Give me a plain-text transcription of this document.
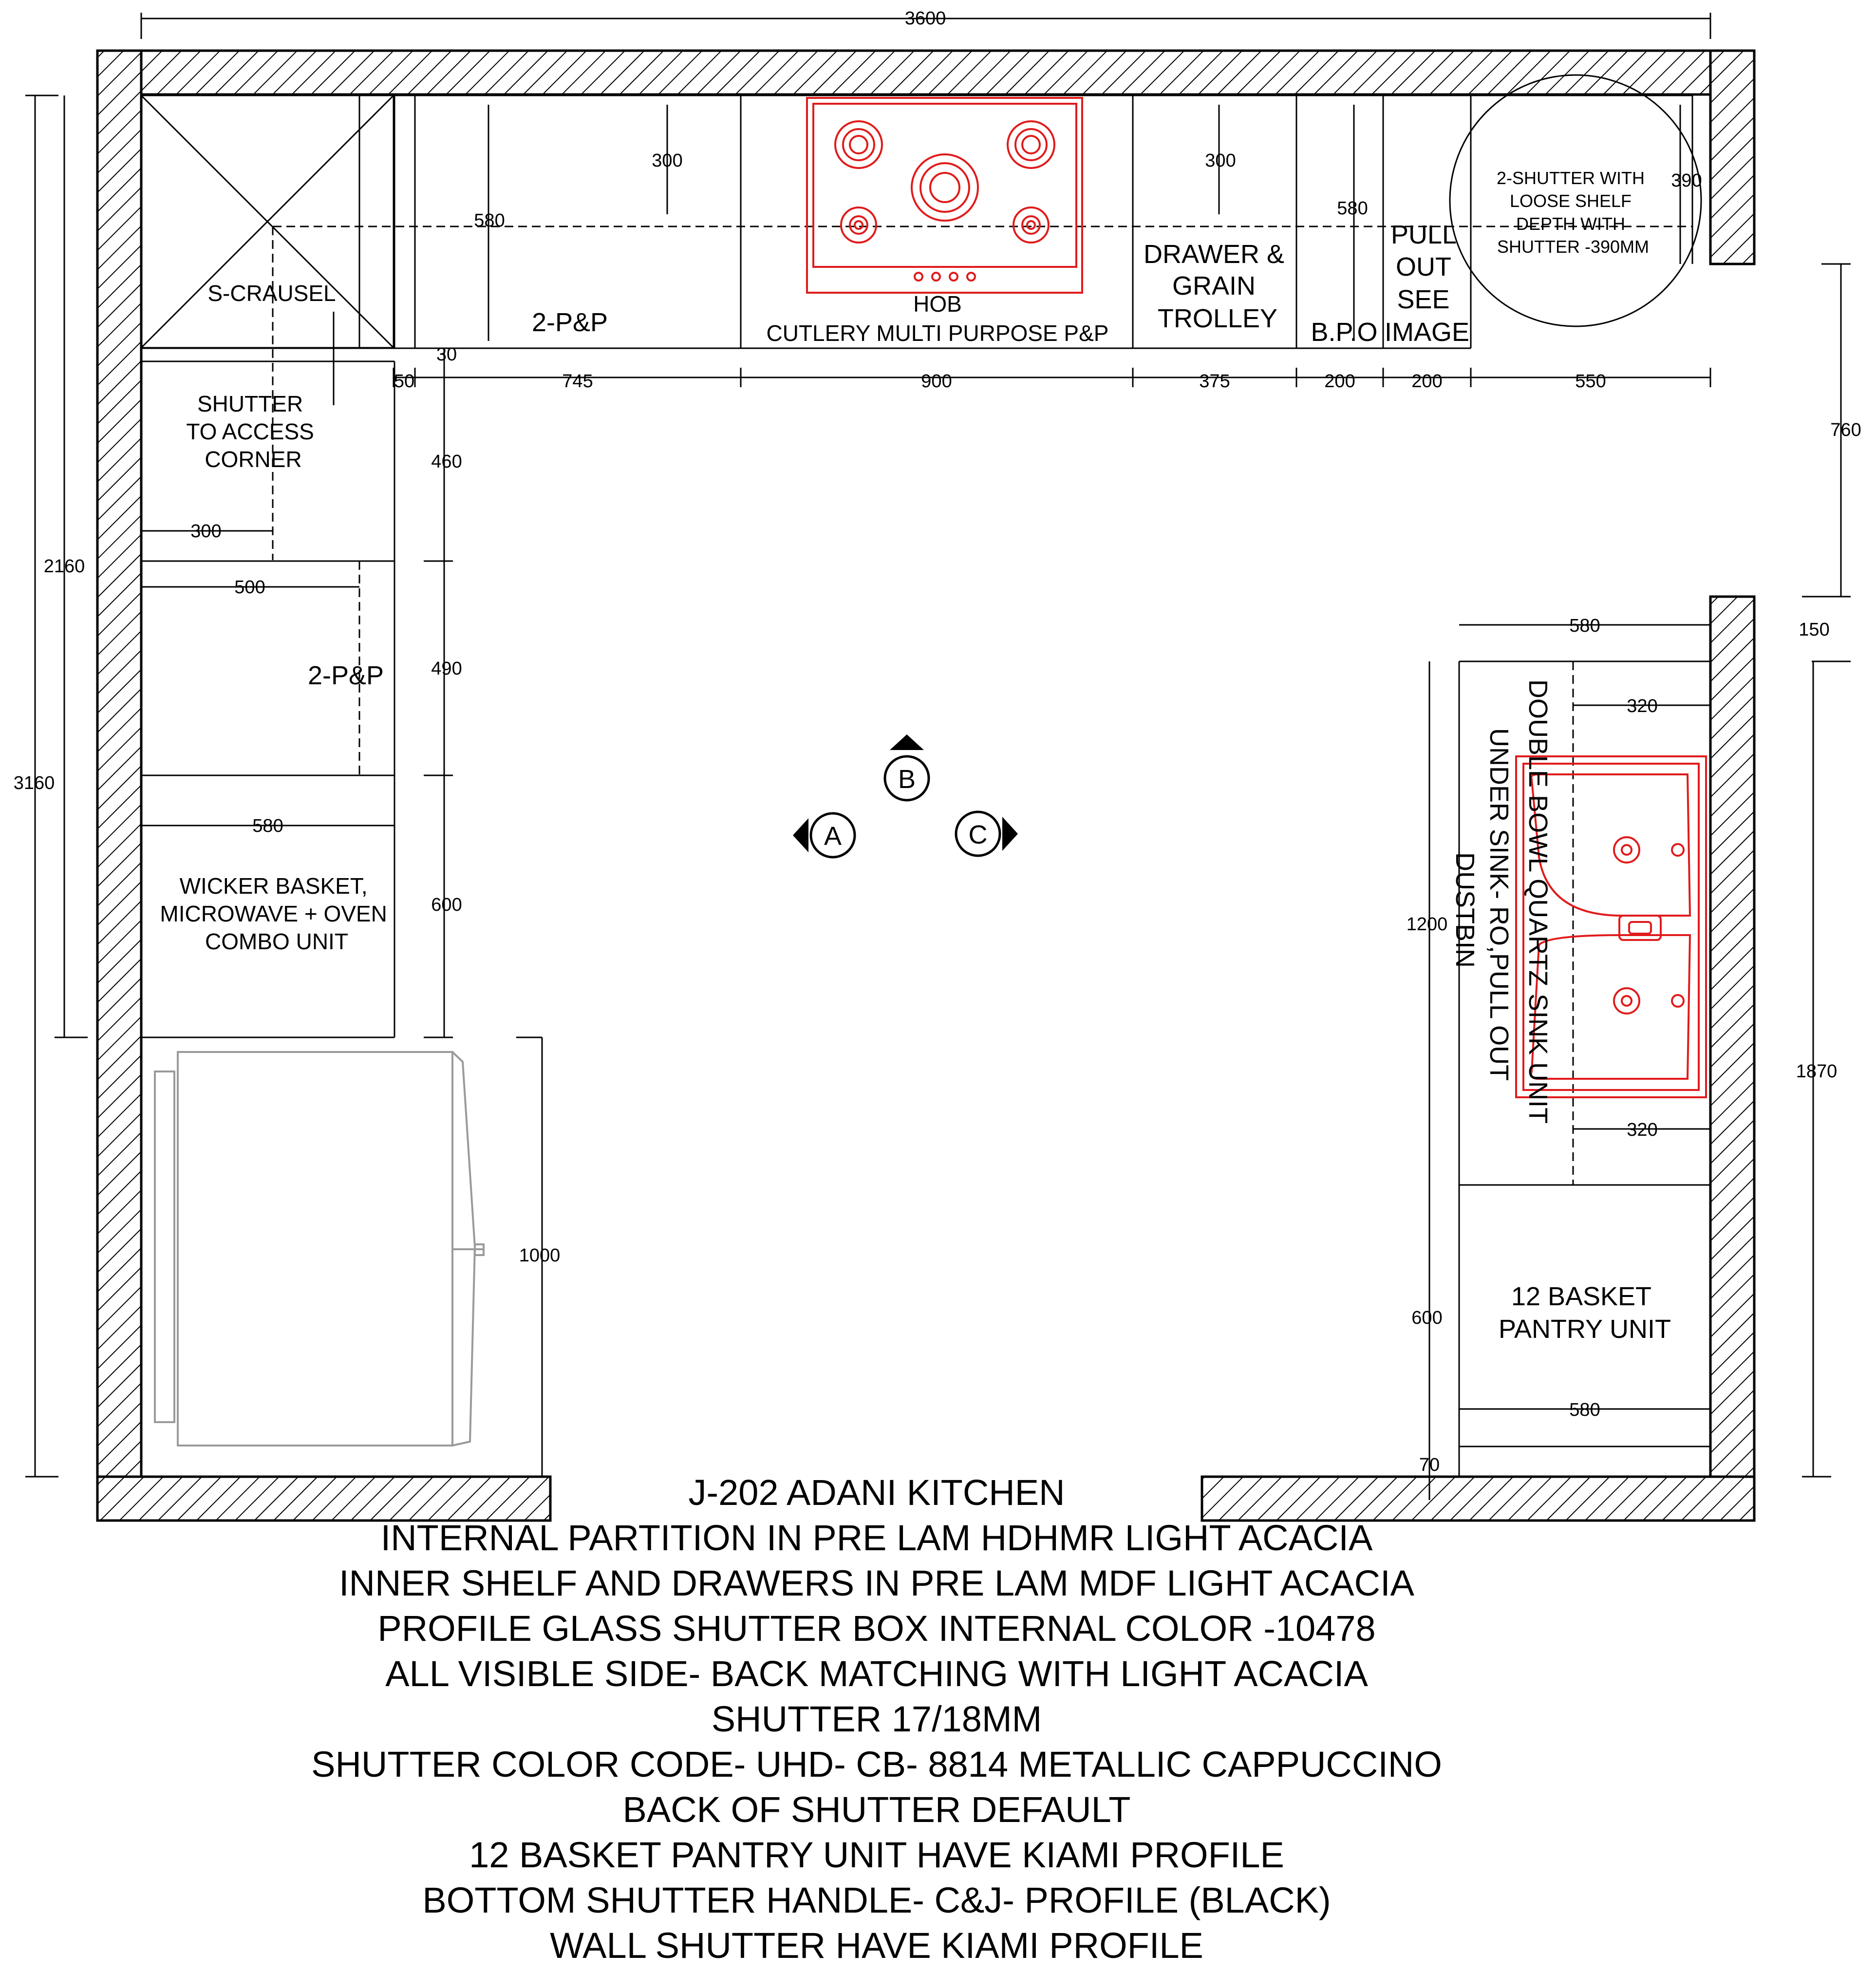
3600
50	745	900	375	200	200	550
3160
2160
460
490
600
580
300
30
300
580
390
300
500
580
1000
760
150
1870
580
320
320
1200
600
580
70
S-CRAUSEL
2-P&P
HOB
CUTLERY MULTI PURPOSE P&P
DRAWER & GRAIN TROLLEY	B.P.O
PULL OUT SEE IMAGE
2-SHUTTER WITH LOOSE SHELF DEPTH WITH SHUTTER -390MM
SHUTTER TO ACCESS CORNER
2-P&P
WICKER BASKET, MICROWAVE + OVEN COMBO UNIT	DOUBLE BOWL QUARTZ SINK UNIT
UNDER SINK- RO,PULL OUT
DUSTBIN
12 BASKET PANTRY UNIT
A
B
C
J-202 ADANI KITCHEN
INTERNAL PARTITION IN PRE LAM HDHMR LIGHT ACACIA
INNER SHELF AND DRAWERS IN PRE LAM MDF LIGHT ACACIA
PROFILE GLASS SHUTTER BOX INTERNAL COLOR -10478
ALL VISIBLE SIDE- BACK MATCHING WITH LIGHT ACACIA
SHUTTER 17/18MM
SHUTTER COLOR CODE- UHD- CB- 8814 METALLIC CAPPUCCINO
BACK OF SHUTTER DEFAULT
12 BASKET PANTRY UNIT HAVE KIAMI PROFILE
BOTTOM SHUTTER HANDLE- C&J- PROFILE (BLACK)
WALL SHUTTER HAVE KIAMI PROFILE
